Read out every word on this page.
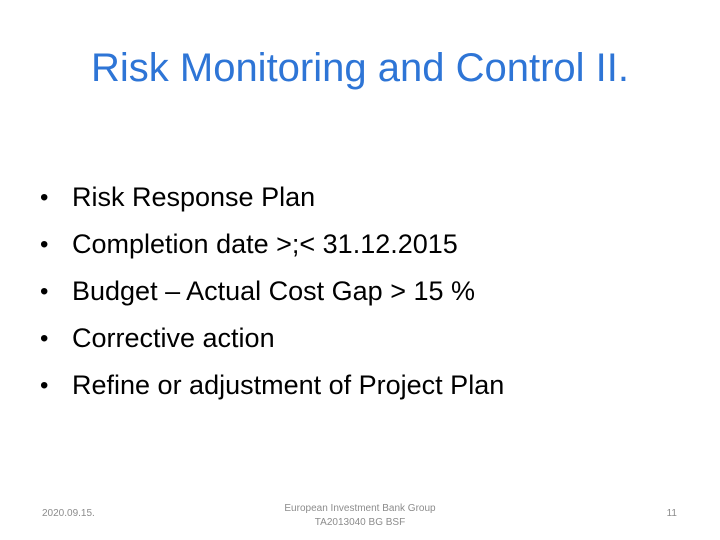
Risk Monitoring and Control II.
• Risk Response Plan
• Completion date >;< 31.12.2015
• Budget – Actual Cost Gap > 15 %
• Corrective action
• Refine or adjustment of Project Plan
2020.09.15.	European Investment Bank Group
TA2013040 BG BSF
11
